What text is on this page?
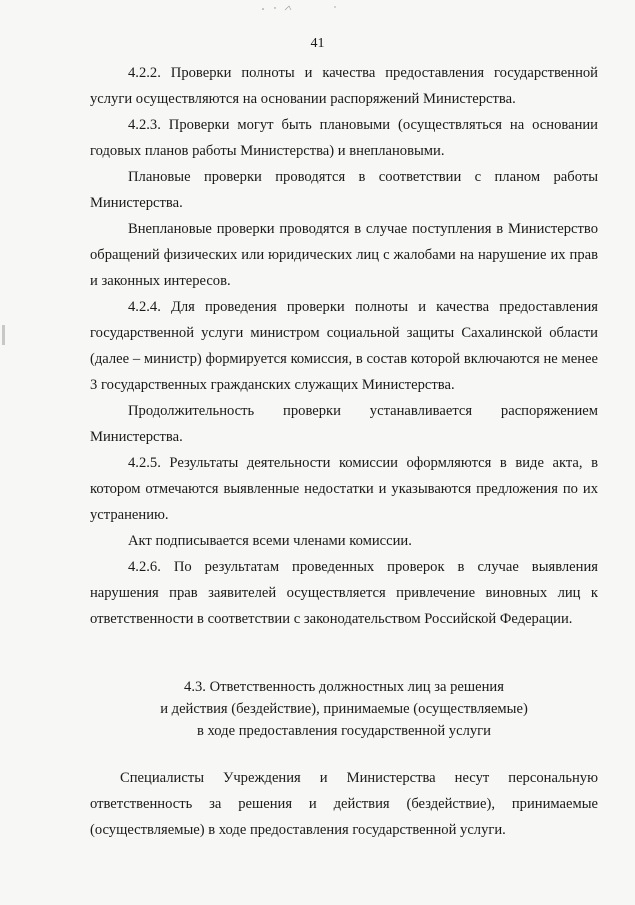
41

4.2.2. Проверки полноты и качества предоставления государственной услуги осуществляются на основании распоряжений Министерства.

4.2.3. Проверки могут быть плановыми (осуществляться на основании годовых планов работы Министерства) и внеплановыми.

Плановые проверки проводятся в соответствии с планом работы Министерства.

Внеплановые проверки проводятся в случае поступления в Министерство обращений физических или юридических лиц с жалобами на нарушение их прав и законных интересов.

4.2.4. Для проведения проверки полноты и качества предоставления государственной услуги министром социальной защиты Сахалинской области (далее – министр) формируется комиссия, в состав которой включаются не менее 3 государственных гражданских служащих Министерства.

Продолжительность проверки устанавливается распоряжением Министерства.

4.2.5. Результаты деятельности комиссии оформляются в виде акта, в котором отмечаются выявленные недостатки и указываются предложения по их устранению.

Акт подписывается всеми членами комиссии.

4.2.6. По результатам проведенных проверок в случае выявления нарушения прав заявителей осуществляется привлечение виновных лиц к ответственности в соответствии с законодательством Российской Федерации.

4.3. Ответственность должностных лиц за решения
и действия (бездействие), принимаемые (осуществляемые)
в ходе предоставления государственной услуги

Специалисты Учреждения и Министерства несут персональную ответственность за решения и действия (бездействие), принимаемые (осуществляемые) в ходе предоставления государственной услуги.
